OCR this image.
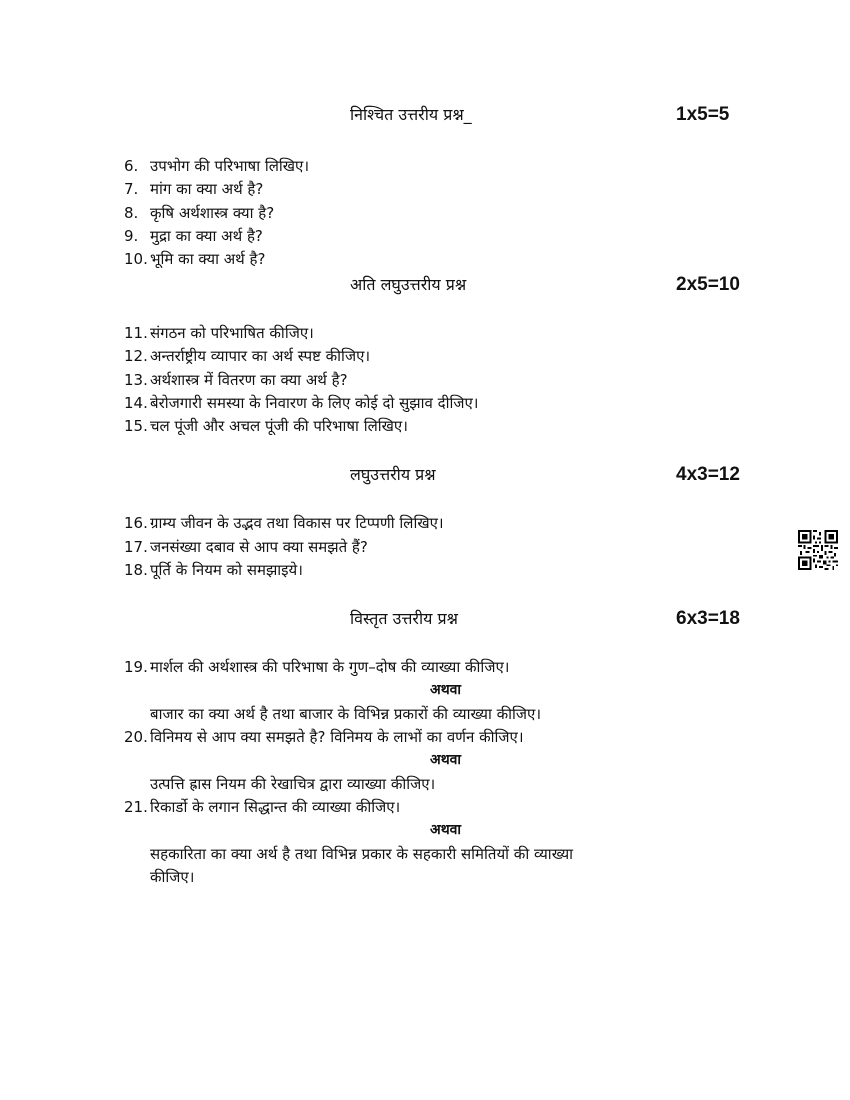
निश्चित उत्तरीय प्रश्न_	1x5=5
6. उपभोग की परिभाषा लिखिए।
7. मांग का क्या अर्थ है?
8. कृषि अर्थशास्त्र क्या है?
9. मुद्रा का क्या अर्थ है?
10. भूमि का क्या अर्थ है?
अति लघुउत्तरीय प्रश्न	2x5=10
11. संगठन को परिभाषित कीजिए।
12. अन्तर्राष्ट्रीय व्यापार का अर्थ स्पष्ट कीजिए।
13. अर्थशास्त्र में वितरण का क्या अर्थ है?
14. बेरोजगारी समस्या के निवारण के लिए कोई दो सुझाव दीजिए।
15. चल पूंजी और अचल पूंजी की परिभाषा लिखिए।
लघुउत्तरीय प्रश्न	4x3=12
16. ग्राम्य जीवन के उद्भव तथा विकास पर टिप्पणी लिखिए।
17. जनसंख्या दबाव से आप क्या समझते हैं?
18. पूर्ति के नियम को समझाइये।
विस्तृत उत्तरीय प्रश्न	6x3=18
19. मार्शल की अर्थशास्त्र की परिभाषा के गुण–दोष की व्याख्या कीजिए।
अथवा
बाजार का क्या अर्थ है तथा बाजार के विभिन्न प्रकारों की व्याख्या कीजिए।
20. विनिमय से आप क्या समझते है? विनिमय के लाभों का वर्णन कीजिए।
अथवा
उत्पत्ति ह्रास नियम की रेखाचित्र द्वारा व्याख्या कीजिए।
21. रिकार्डो के लगान सिद्धान्त की व्याख्या कीजिए।
अथवा
सहकारिता का क्या अर्थ है तथा विभिन्न प्रकार के सहकारी समितियों की व्याख्या
कीजिए।
